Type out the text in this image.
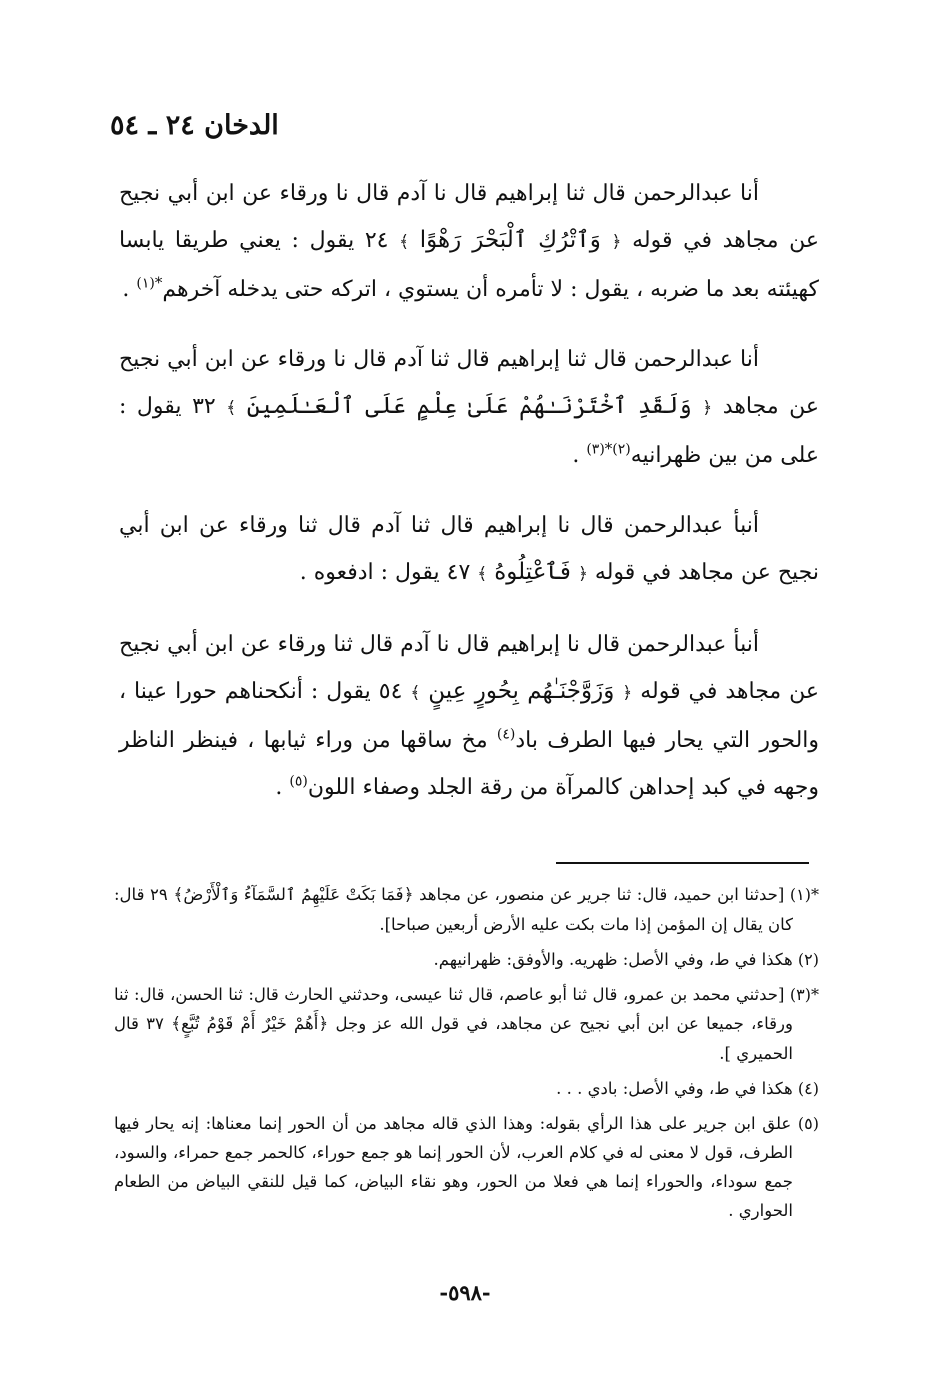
الدخان ٢٤ ـ ٥٤

أنا عبدالرحمن قال ثنا إبراهيم قال نا آدم قال نا ورقاء عن ابن أبي نجيح عن مجاهد في قوله ﴿ وَٱتْرُكِ ٱلْبَحْرَ رَهْوًا ﴾ ٢٤ يقول : يعني طريقا يابسا كهيئته بعد ما ضربه ، يقول : لا تأمره أن يستوي ، اتركه حتى يدخله آخرهم$^{*(١)}$ .

أنا عبدالرحمن قال ثنا إبراهيم قال ثنا آدم قال نا ورقاء عن ابن أبي نجيح عن مجاهد ﴿ وَلَقَدِ ٱخْتَرْنَـٰهُمْ عَلَىٰ عِلْمٍ عَلَى ٱلْعَـٰلَمِينَ ﴾ ٣٢ يقول : على من بين ظهرانيه$^{(٢)*(٣)}$ .

أنبأ عبدالرحمن قال نا إبراهيم قال ثنا آدم قال ثنا ورقاء عن ابن أبي نجيح عن مجاهد في قوله ﴿ فَٱعْتِلُوهُ ﴾ ٤٧ يقول : ادفعوه .

أنبأ عبدالرحمن قال نا إبراهيم قال نا آدم قال ثنا ورقاء عن ابن أبي نجيح عن مجاهد في قوله ﴿ وَزَوَّجْنَـٰهُم بِحُورٍ عِينٍ ﴾ ٥٤ يقول : أنكحناهم حورا عينا ، والحور التي يحار فيها الطرف باد$^{(٤)}$ مخ ساقها من وراء ثيابها ، فينظر الناظر وجهه في كبد إحداهن كالمرآة من رقة الجلد وصفاء اللون$^{(٥)}$ .

*(١) [حدثنا ابن حميد، قال: ثنا جرير عن منصور، عن مجاهد ﴿فَمَا بَكَتْ عَلَيْهِمُ ٱلسَّمَآءُ وَٱلْأَرْضُ﴾ ٢٩ قال: كان يقال إن المؤمن إذا مات بكت عليه الأرض أربعين صباحا].

(٢) هكذا في ط، وفي الأصل: ظهريه. والأوفق: ظهرانيهم.

*(٣) [حدثني محمد بن عمرو، قال ثنا أبو عاصم، قال ثنا عيسى، وحدثني الحارث قال: ثنا الحسن، قال: ثنا ورقاء، جميعا عن ابن أبي نجيح عن مجاهد، في قول الله عز وجل ﴿أَهُمْ خَيْرٌ أَمْ قَوْمُ تُبَّعٍ﴾ ٣٧ قال الحميري ].

(٤) هكذا في ط، وفي الأصل: بادي . . .

(٥) علق ابن جرير على هذا الرأي بقوله: وهذا الذي قاله مجاهد من أن الحور إنما معناها: إنه يحار فيها الطرف، قول لا معنى له في كلام العرب، لأن الحور إنما هو جمع حوراء، كالحمر جمع حمراء، والسود، جمع سوداء، والحوراء إنما هي فعلا من الحور، وهو نقاء البياض، كما قيل للنقي البياض من الطعام الحواري .

-٥٩٨-
